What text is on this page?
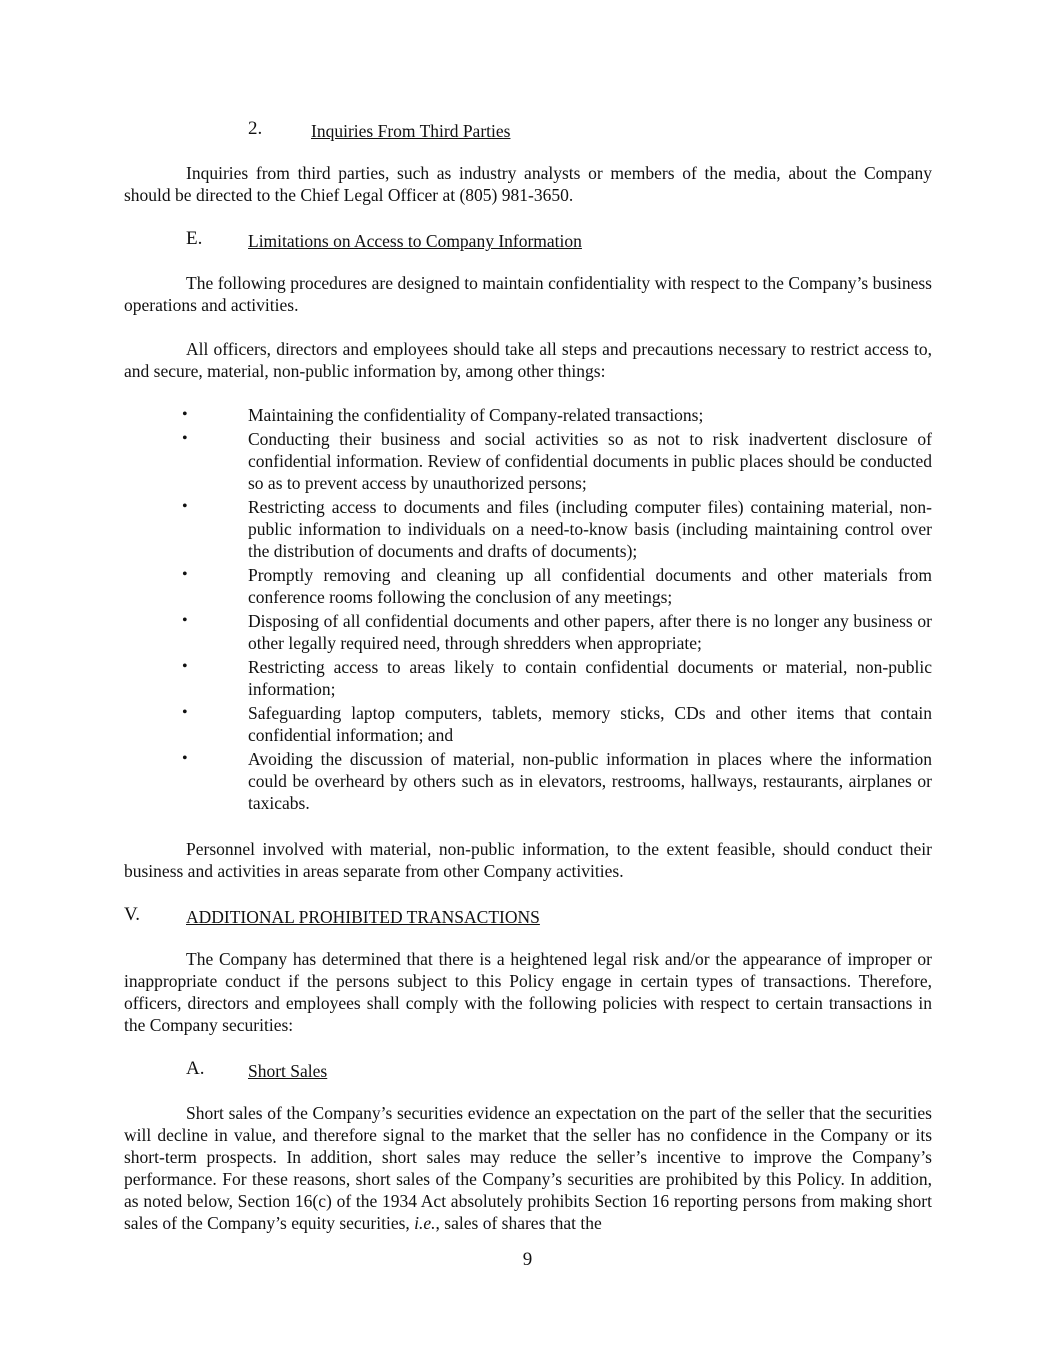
2.	Inquiries From Third Parties

Inquiries from third parties, such as industry analysts or members of the media, about the Company should be directed to the Chief Legal Officer at (805) 981-3650.

E.	Limitations on Access to Company Information

The following procedures are designed to maintain confidentiality with respect to the Company’s business operations and activities.

All officers, directors and employees should take all steps and precautions necessary to restrict access to, and secure, material, non-public information by, among other things:

•	Maintaining the confidentiality of Company-related transactions;
•	Conducting their business and social activities so as not to risk inadvertent disclosure of confidential information. Review of confidential documents in public places should be conducted so as to prevent access by unauthorized persons;
•	Restricting access to documents and files (including computer files) containing material, non-public information to individuals on a need-to-know basis (including maintaining control over the distribution of documents and drafts of documents);
•	Promptly removing and cleaning up all confidential documents and other materials from conference rooms following the conclusion of any meetings;
•	Disposing of all confidential documents and other papers, after there is no longer any business or other legally required need, through shredders when appropriate;
•	Restricting access to areas likely to contain confidential documents or material, non-public information;
•	Safeguarding laptop computers, tablets, memory sticks, CDs and other items that contain confidential information; and
•	Avoiding the discussion of material, non-public information in places where the information could be overheard by others such as in elevators, restrooms, hallways, restaurants, airplanes or taxicabs.

Personnel involved with material, non-public information, to the extent feasible, should conduct their business and activities in areas separate from other Company activities.

V.	ADDITIONAL PROHIBITED TRANSACTIONS

The Company has determined that there is a heightened legal risk and/or the appearance of improper or inappropriate conduct if the persons subject to this Policy engage in certain types of transactions. Therefore, officers, directors and employees shall comply with the following policies with respect to certain transactions in the Company securities:

A. Short Sales

Short sales of the Company’s securities evidence an expectation on the part of the seller that the securities will decline in value, and therefore signal to the market that the seller has no confidence in the Company or its short-term prospects. In addition, short sales may reduce the seller’s incentive to improve the Company’s performance. For these reasons, short sales of the Company’s securities are prohibited by this Policy. In addition, as noted below, Section 16(c) of the 1934 Act absolutely prohibits Section 16 reporting persons from making short sales of the Company’s equity securities, i.e., sales of shares that the

9
